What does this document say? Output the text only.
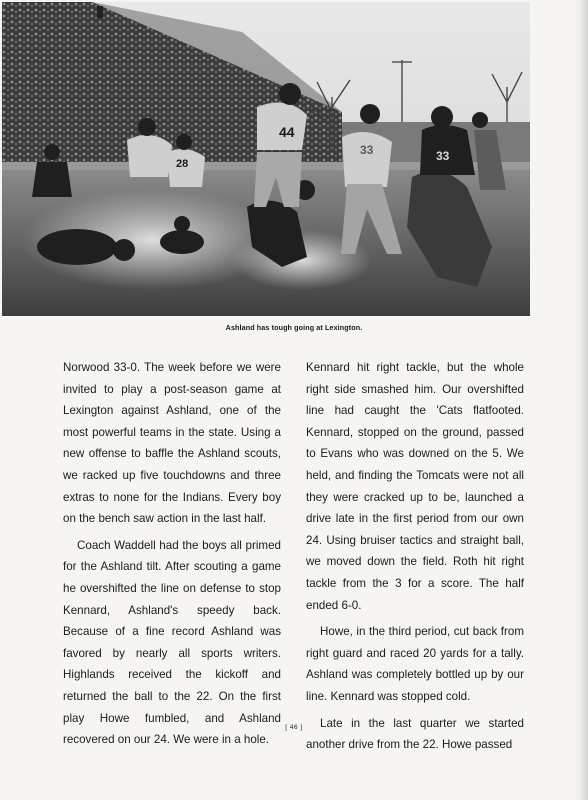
44
28
33	33
Ashland has tough going at Lexington.

Norwood 33-0. The week before we were invited to play a post-season game at Lexington against Ashland, one of the most powerful teams in the state. Using a new offense to baffle the Ashland scouts, we racked up five touchdowns and three extras to none for the Indians. Every boy on the bench saw action in the last half.

Coach Waddell had the boys all primed for the Ashland tilt. After scouting a game he overshifted the line on defense to stop Kennard, Ashland's speedy back. Because of a fine record Ashland was favored by nearly all sports writers. Highlands received the kickoff and returned the ball to the 22. On the first play Howe fumbled, and Ashland recovered on our 24. We were in a hole.

Kennard hit right tackle, but the whole right side smashed him. Our overshifted line had caught the 'Cats flatfooted. Kennard, stopped on the ground, passed to Evans who was downed on the 5. We held, and finding the Tomcats were not all they were cracked up to be, launched a drive late in the first period from our own 24. Using bruiser tactics and straight ball, we moved down the field. Roth hit right tackle from the 3 for a score. The half ended 6-0.

Howe, in the third period, cut back from right guard and raced 20 yards for a tally. Ashland was completely bottled up by our line. Kennard was stopped cold.

Late in the last quarter we started another drive from the 22. Howe passed

[ 46 ]
